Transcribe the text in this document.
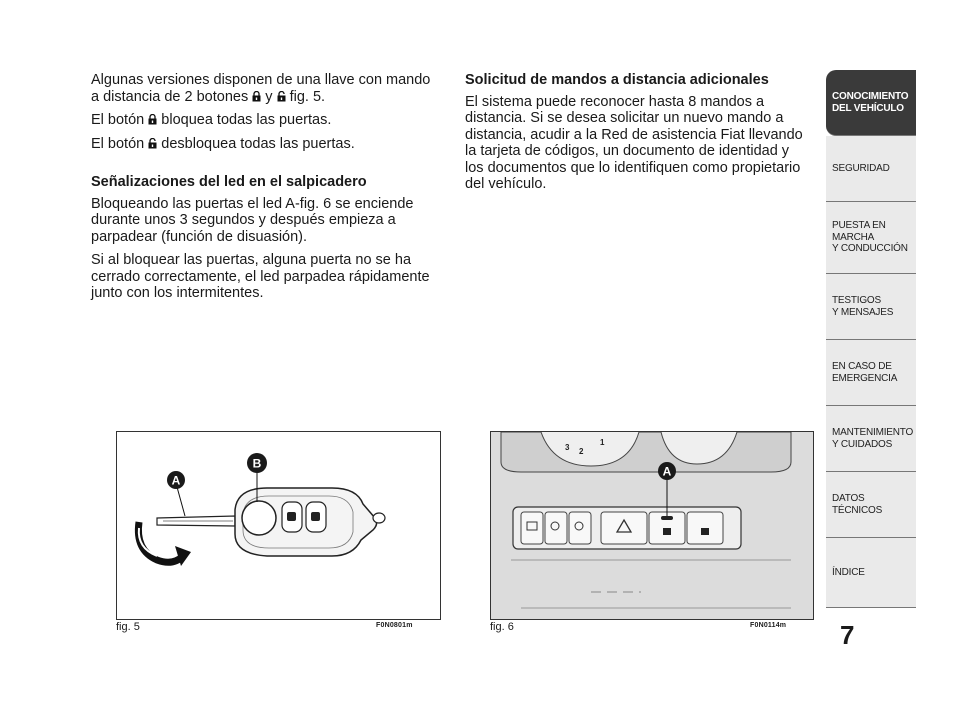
Algunas versiones disponen de una llave con mando
a distancia de 2 botones y fig. 5.

El botón bloquea todas las puertas.

El botón desbloquea todas las puertas.

Señalizaciones del led en el salpicadero

Bloqueando las puertas el led A-fig. 6 se enciende durante unos 3 segundos y después empieza a parpadear (función de disuasión).

Si al bloquear las puertas, alguna puerta no se ha cerrado correctamente, el led parpadea rápidamente junto con los intermitentes.

Solicitud de mandos a distancia adicionales

El sistema puede reconocer hasta 8 mandos a distancia. Si se desea solicitar un nuevo mando a distancia, acudir a la Red de asistencia Fiat llevando la tarjeta de códigos, un documento de identidad y los documentos que lo identifiquen como propietario del vehículo.

CONOCIMIENTO
DEL VEHÍCULO
SEGURIDAD
PUESTA EN
MARCHA
Y CONDUCCIÓN
TESTIGOS
Y MENSAJES
EN CASO DE
EMERGENCIA
MANTENIMIENTO
Y CUIDADOS
DATOS
TÉCNICOS
ÍNDICE
7
A
B
fig. 5	F0N0801m
3 2
1
A
fig. 6	F0N0114m
